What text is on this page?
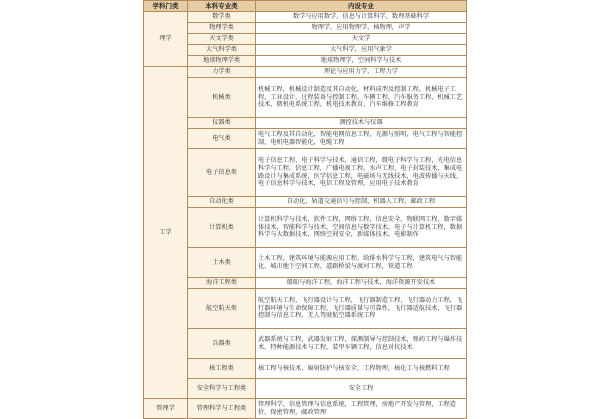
学科门类	本科专业类	内设专业
理学	数学类	数学与应用数学，信息与计算科学，数理基础科学
	物理学类	物理学，应用物理学，核物理，声学
	天文学类	天文学
	大气科学类	大气科学，应用气象学
	地球物理学类	地球物理学，空间科学与技术
工学	力学类	理论与应用力学，工程力学
	机械类	机械工程，机械设计制造及其自动化，材料成型及控制工程，机械电子工程，工业设计，过程装备与控制工程，车辆工程，汽车服务工程，机械工艺技术，微机电系统工程，机电技术教育，汽车维修工程教育
	仪器类	测控技术与仪器
	电气类	电气工程及其自动化，智能电网信息工程，光源与照明，电气工程与智能控制，电机电器智能化，电缆工程
	电子信息类	电子信息工程，电子科学与技术，通信工程，微电子科学与工程，光电信息科学与工程，信息工程，广播电视工程，水声工程，电子封装技术，集成电路设计与集成系统，医学信息工程，电磁场与无线技术，电波传播与天线，电子信息科学与技术，电信工程及管理，应用电子技术教育
	自动化类	自动化，轨道交通信号与控制，机器人工程，邮政工程
	计算机类	计算机科学与技术，软件工程，网络工程，信息安全，物联网工程，数字媒体技术，智能科学与技术，空间信息与数字技术，电子与计算机工程，数据科学与大数据技术，网络空间安全，新媒体技术，电影制作
	土木类	土木工程，建筑环境与能源应用工程，给排水科学与工程，建筑电气与智能化，城市地下空间工程，道路桥梁与渡河工程，铁道工程
	海洋工程类	船舶与海洋工程，海洋工程与技术，海洋资源开发技术
	航空航天类	航空航天工程，飞行器设计与工程，飞行器制造工程，飞行器动力工程，飞行器环境与生命保障工程，飞行器质量与可靠性，飞行器适航技术，飞行器控制与信息工程，无人驾驶航空器系统工程
	兵器类	武器系统与工程，武器发射工程，探测制导与控制技术，弹药工程与爆炸技术，特种能源技术与工程，装甲车辆工程，信息对抗技术
	核工程类	核工程与核技术，辐射防护与核安全，工程物理，核化工与核燃料工程
	安全科学与工程类	安全工程
管理学	管理科学与工程类	管理科学，信息管理与信息系统，工程管理，房地产开发与管理，工程造价，保密管理，邮政管理
